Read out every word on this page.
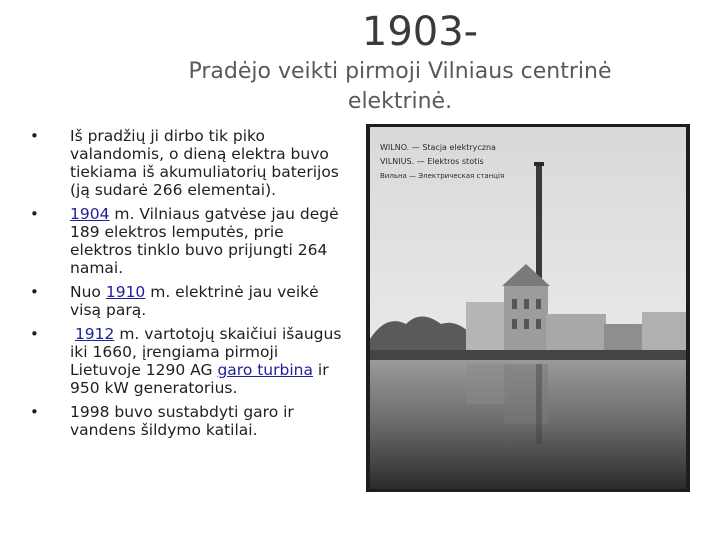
1903-
Pradėjo veikti pirmoji Vilniaus centrinė
elektrinė.
• Iš pradžių ji dirbo tik piko valandomis, o dieną elektra buvo tiekiama iš akumuliatorių baterijos (ją sudarė 266 elementai).
• 1904 m. Vilniaus gatvėse jau degė 189 elektros lemputės, prie elektros tinklo buvo prijungti 264 namai.
• Nuo 1910 m. elektrinė jau veikė visą parą.
• 1912 m. vartotojų skaičiui išaugus iki 1660, įrengiama pirmoji Lietuvoje 1290 AG garo turbina ir 950 kW generatorius.
• 1998 buvo sustabdyti garo ir vandens šildymo katilai.
WILNO. — Stacja elektryczna
VILNIUS. — Elektros stotis
Вильна — Электрическая станція
